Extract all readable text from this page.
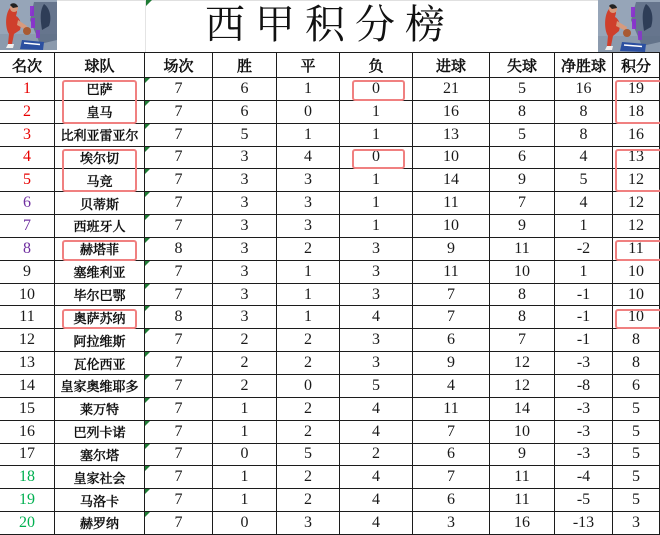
西甲积分榜
名次	球队	场次	胜	平	负	进球	失球	净胜球 积分
1	巴萨	7	6	1	0	21	5	16	19
2	皇马	7	6	0	1	16	8	8	18
3	比利亚雷亚尔	7	5	1	1	13	5	8	16
4	埃尔切	7	3	4	0	10	6	4	13
5	马竞	7	3	3	1	14	9	5	12
6	贝蒂斯	7	3	3	1	11	7	4	12
7	西班牙人	7	3	3	1	10	9	1	12
8	赫塔菲	8	3	2	3	9	11	-2	11
9	塞维利亚	7	3	1	3	11	10	1	10
10	毕尔巴鄂	7	3	1	3	7	8	-1	10
11	奥萨苏纳	8	3	1	4	7	8	-1	10
12	阿拉维斯	7	2	2	3	6	7	-1	8
13	瓦伦西亚	7	2	2	3	9	12	-3	8
14	皇家奥维耶多	7	2	0	5	4	12	-8	6
15	莱万特	7	1	2	4	11	14	-3	5
16	巴列卡诺	7	1	2	4	7	10	-3	5
17	塞尔塔	7	0	5	2	6	9	-3	5
18	皇家社会	7	1	2	4	7	11	-4	5
19	马洛卡	7	1	2	4	6	11	-5	5
20	赫罗纳	7	0	3	4	3	16	-13	3
